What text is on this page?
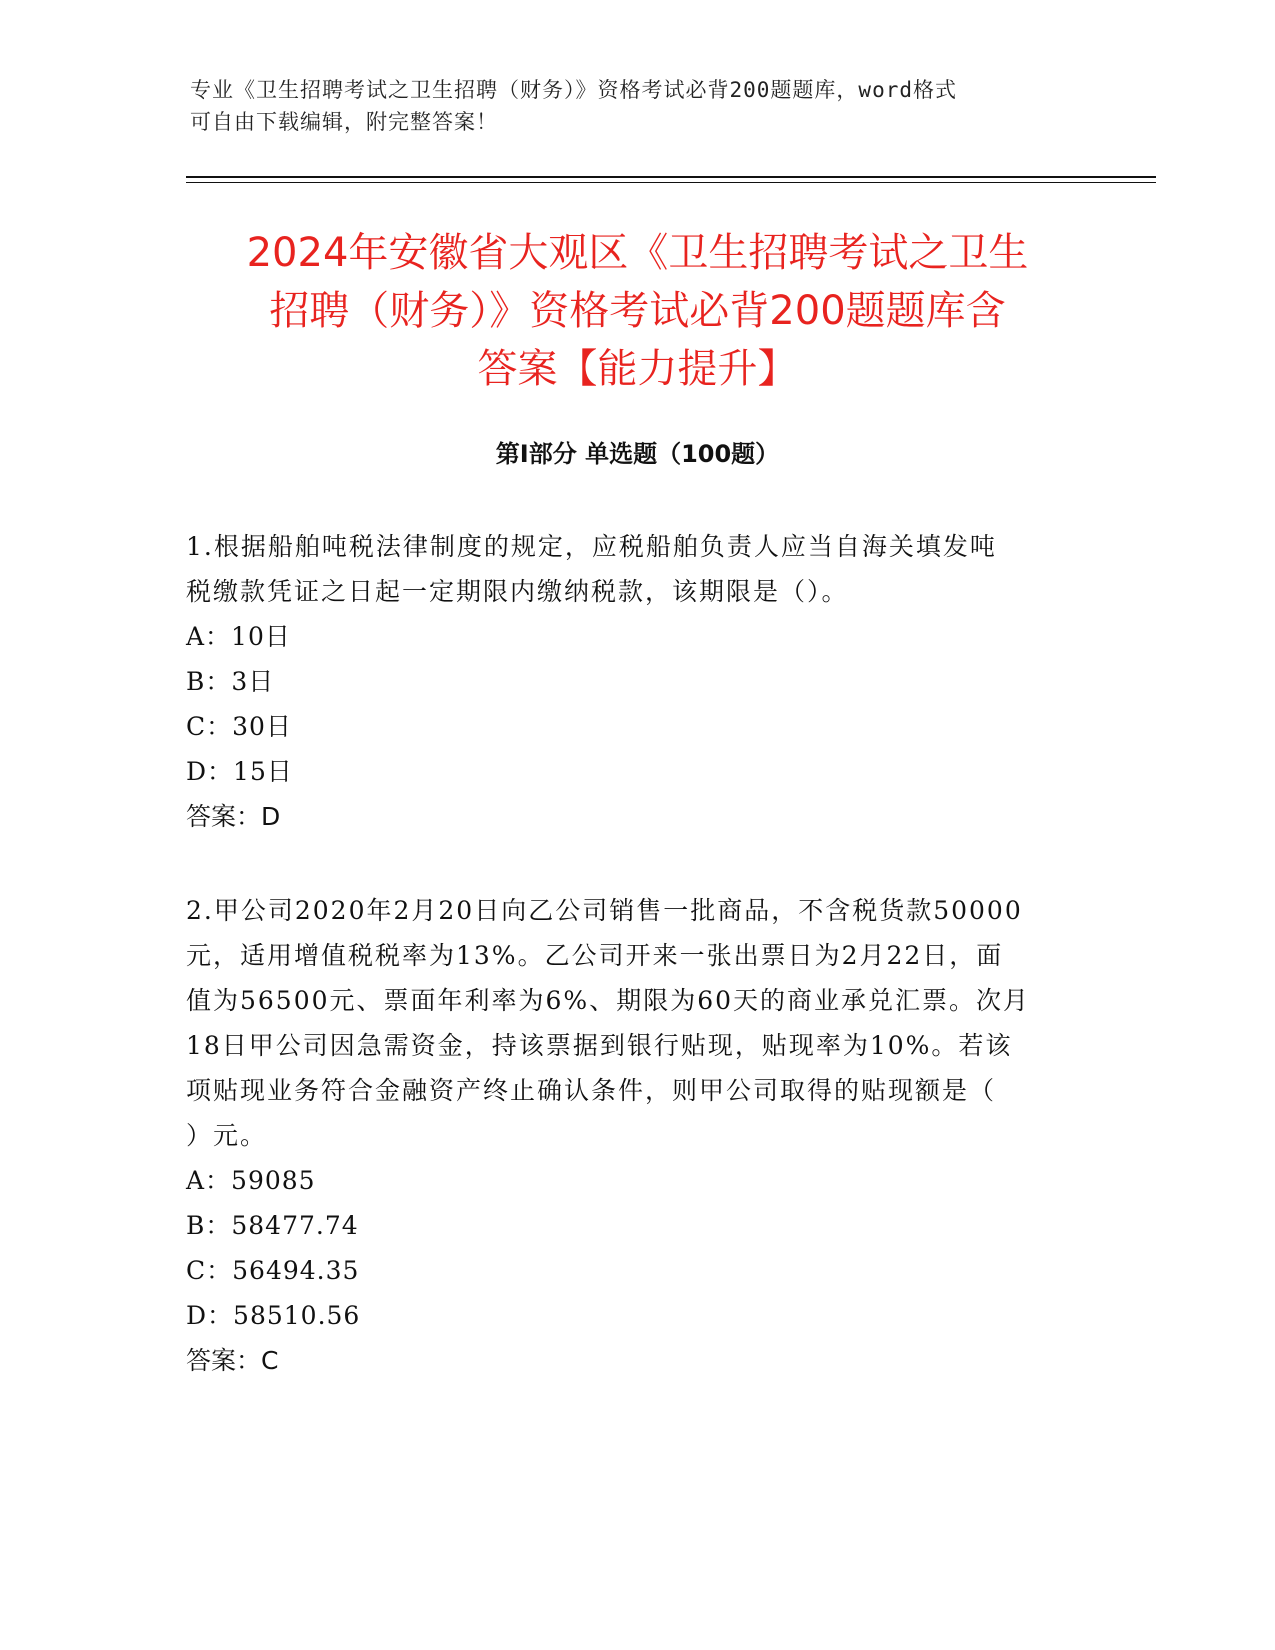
专业《卫生招聘考试之卫生招聘（财务）》资格考试必背200题题库，word格式
可自由下载编辑，附完整答案！
2024年安徽省大观区《卫生招聘考试之卫生
招聘（财务）》资格考试必背200题题库含
答案【能力提升】
第Ⅰ部分 单选题（100题）
1.根据船舶吨税法律制度的规定，应税船舶负责人应当自海关填发吨
税缴款凭证之日起一定期限内缴纳税款，该期限是（）。
A：10日
B：3日
C：30日
D：15日
答案：D
2.甲公司2020年2月20日向乙公司销售一批商品，不含税货款50000
元，适用增值税税率为13%。乙公司开来一张出票日为2月22日，面
值为56500元、票面年利率为6%、期限为60天的商业承兑汇票。次月
18日甲公司因急需资金，持该票据到银行贴现，贴现率为10%。若该
项贴现业务符合金融资产终止确认条件，则甲公司取得的贴现额是（
）元。
A：59085
B：58477.74
C：56494.35
D：58510.56
答案：C
